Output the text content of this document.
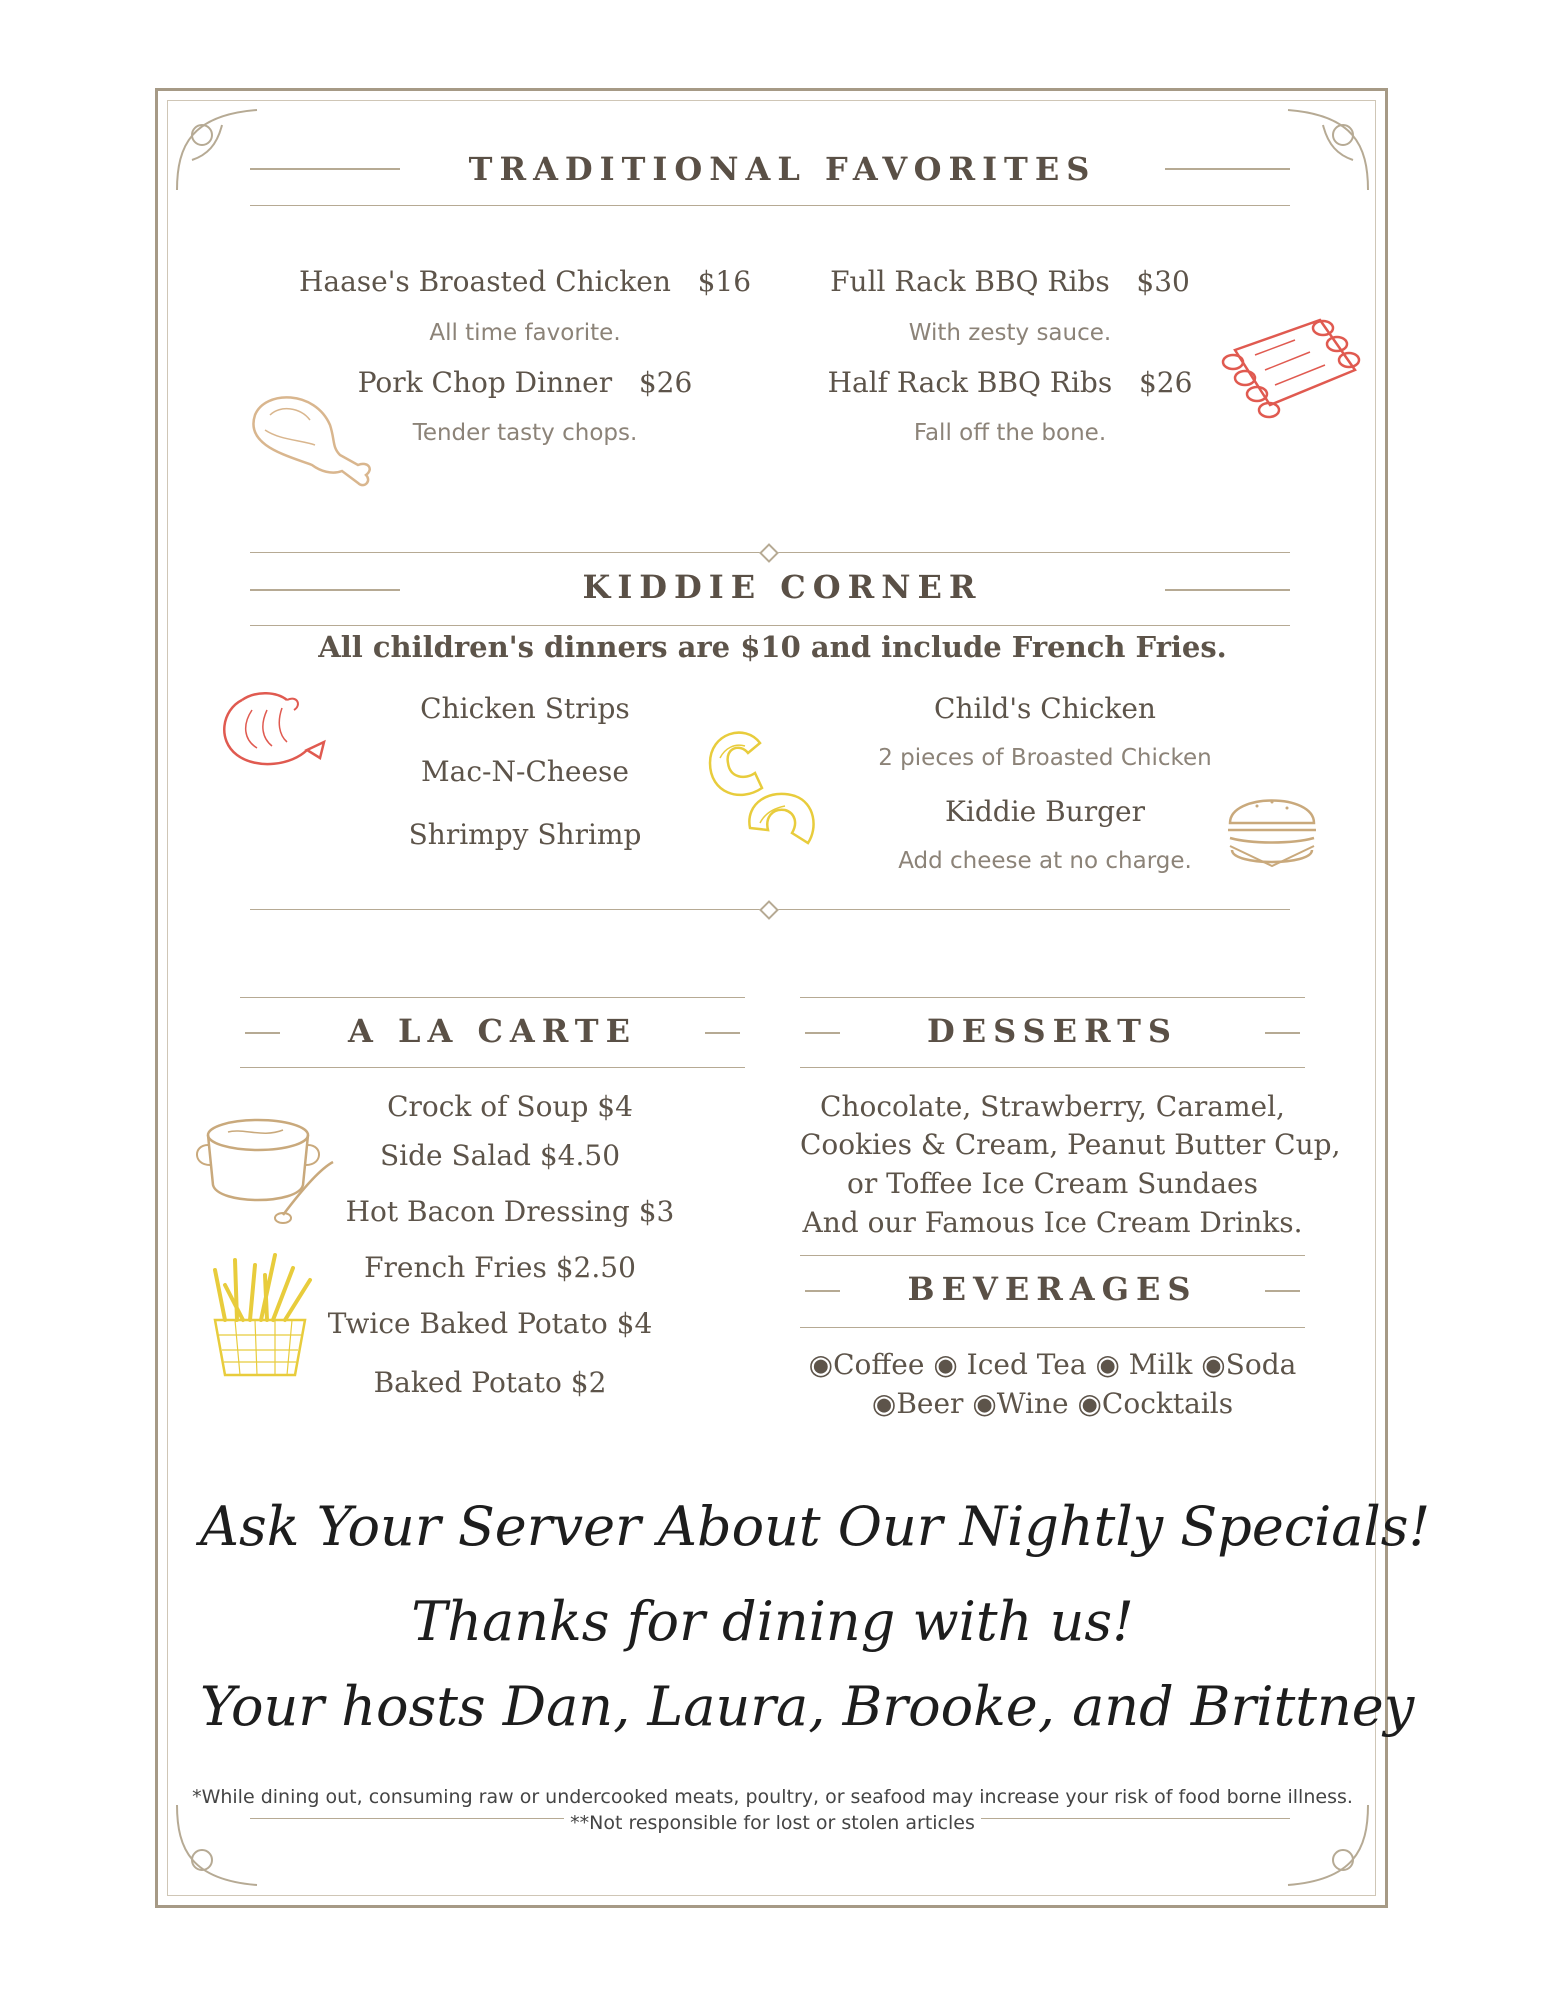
TRADITIONAL FAVORITES
Haase's Broasted Chicken $16
All time favorite.
Pork Chop Dinner $26
Tender tasty chops.
Full Rack BBQ Ribs $30
With zesty sauce.
Half Rack BBQ Ribs $26
Fall off the bone.
KIDDIE CORNER
All children's dinners are $10 and include French Fries.
Chicken Strips
Mac-N-Cheese
Shrimpy Shrimp
Child's Chicken
2 pieces of Broasted Chicken
Kiddie Burger
Add cheese at no charge.
A LA CARTE
Crock of Soup $4
Side Salad $4.50
Hot Bacon Dressing $3
French Fries $2.50
Twice Baked Potato $4
Baked Potato $2
DESSERTS
Chocolate, Strawberry, Caramel,
Cookies & Cream, Peanut Butter Cup,
or Toffee Ice Cream Sundaes
And our Famous Ice Cream Drinks.
BEVERAGES
◉Coffee ◉ Iced Tea ◉ Milk ◉Soda
◉Beer ◉Wine ◉Cocktails
Ask Your Server About Our Nightly Specials!
Thanks for dining with us!
Your hosts Dan, Laura, Brooke, and Brittney
*While dining out, consuming raw or undercooked meats, poultry, or seafood may increase your risk of food borne illness.
**Not responsible for lost or stolen articles
